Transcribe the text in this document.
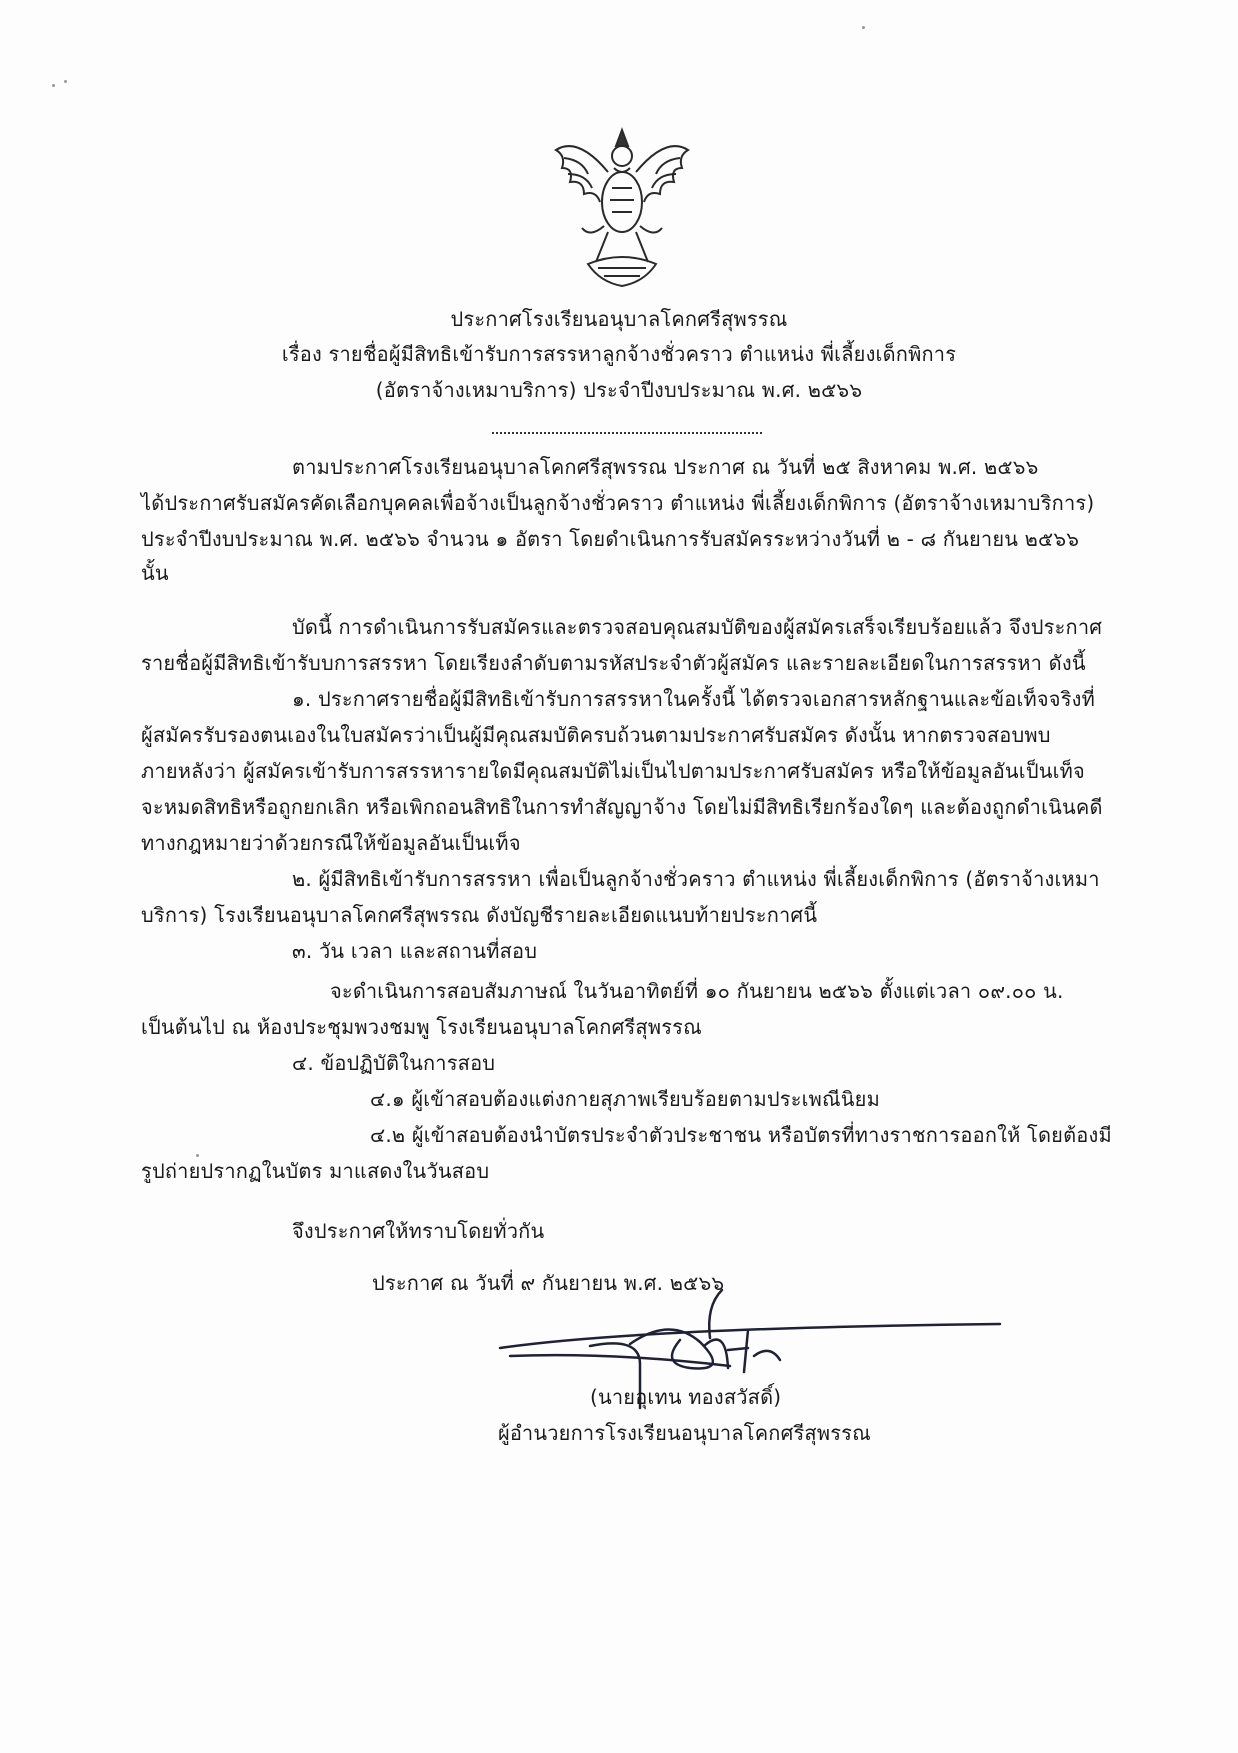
ประกาศโรงเรียนอนุบาลโคกศรีสุพรรณ
เรื่อง รายชื่อผู้มีสิทธิเข้ารับการสรรหาลูกจ้างชั่วคราว ตำแหน่ง พี่เลี้ยงเด็กพิการ
(อัตราจ้างเหมาบริการ) ประจำปีงบประมาณ พ.ศ. ๒๕๖๖
ตามประกาศโรงเรียนอนุบาลโคกศรีสุพรรณ ประกาศ ณ วันที่ ๒๕ สิงหาคม พ.ศ. ๒๕๖๖
ได้ประกาศรับสมัครคัดเลือกบุคคลเพื่อจ้างเป็นลูกจ้างชั่วคราว ตำแหน่ง พี่เลี้ยงเด็กพิการ (อัตราจ้างเหมาบริการ)
ประจำปีงบประมาณ พ.ศ. ๒๕๖๖ จำนวน ๑ อัตรา โดยดำเนินการรับสมัครระหว่างวันที่ ๒ - ๘ กันยายน ๒๕๖๖
นั้น
บัดนี้ การดำเนินการรับสมัครและตรวจสอบคุณสมบัติของผู้สมัครเสร็จเรียบร้อยแล้ว จึงประกาศ
รายชื่อผู้มีสิทธิเข้ารับบการสรรหา โดยเรียงลำดับตามรหัสประจำตัวผู้สมัคร และรายละเอียดในการสรรหา ดังนี้
๑. ประกาศรายชื่อผู้มีสิทธิเข้ารับการสรรหาในครั้งนี้ ได้ตรวจเอกสารหลักฐานและข้อเท็จจริงที่
ผู้สมัครรับรองตนเองในใบสมัครว่าเป็นผู้มีคุณสมบัติครบถ้วนตามประกาศรับสมัคร ดังนั้น หากตรวจสอบพบ
ภายหลังว่า ผู้สมัครเข้ารับการสรรหารายใดมีคุณสมบัติไม่เป็นไปตามประกาศรับสมัคร หรือให้ข้อมูลอันเป็นเท็จ
จะหมดสิทธิหรือถูกยกเลิก หรือเพิกถอนสิทธิในการทำสัญญาจ้าง โดยไม่มีสิทธิเรียกร้องใดๆ และต้องถูกดำเนินคดี
ทางกฎหมายว่าด้วยกรณีให้ข้อมูลอันเป็นเท็จ
๒. ผู้มีสิทธิเข้ารับการสรรหา เพื่อเป็นลูกจ้างชั่วคราว ตำแหน่ง พี่เลี้ยงเด็กพิการ (อัตราจ้างเหมา
บริการ) โรงเรียนอนุบาลโคกศรีสุพรรณ ดังบัญชีรายละเอียดแนบท้ายประกาศนี้
๓. วัน เวลา และสถานที่สอบ
จะดำเนินการสอบสัมภาษณ์ ในวันอาทิตย์ที่ ๑๐ กันยายน ๒๕๖๖ ตั้งแต่เวลา ๐๙.๐๐ น.
เป็นต้นไป ณ ห้องประชุมพวงชมพู โรงเรียนอนุบาลโคกศรีสุพรรณ
๔. ข้อปฏิบัติในการสอบ
๔.๑ ผู้เข้าสอบต้องแต่งกายสุภาพเรียบร้อยตามประเพณีนิยม
๔.๒ ผู้เข้าสอบต้องนำบัตรประจำตัวประชาชน หรือบัตรที่ทางราชการออกให้ โดยต้องมี
รูปถ่ายปรากฏในบัตร มาแสดงในวันสอบ
จึงประกาศให้ทราบโดยทั่วกัน
ประกาศ ณ วันที่ ๙ กันยายน พ.ศ. ๒๕๖๖
(นายอุเทน ทองสวัสดิ์)
ผู้อำนวยการโรงเรียนอนุบาลโคกศรีสุพรรณ
